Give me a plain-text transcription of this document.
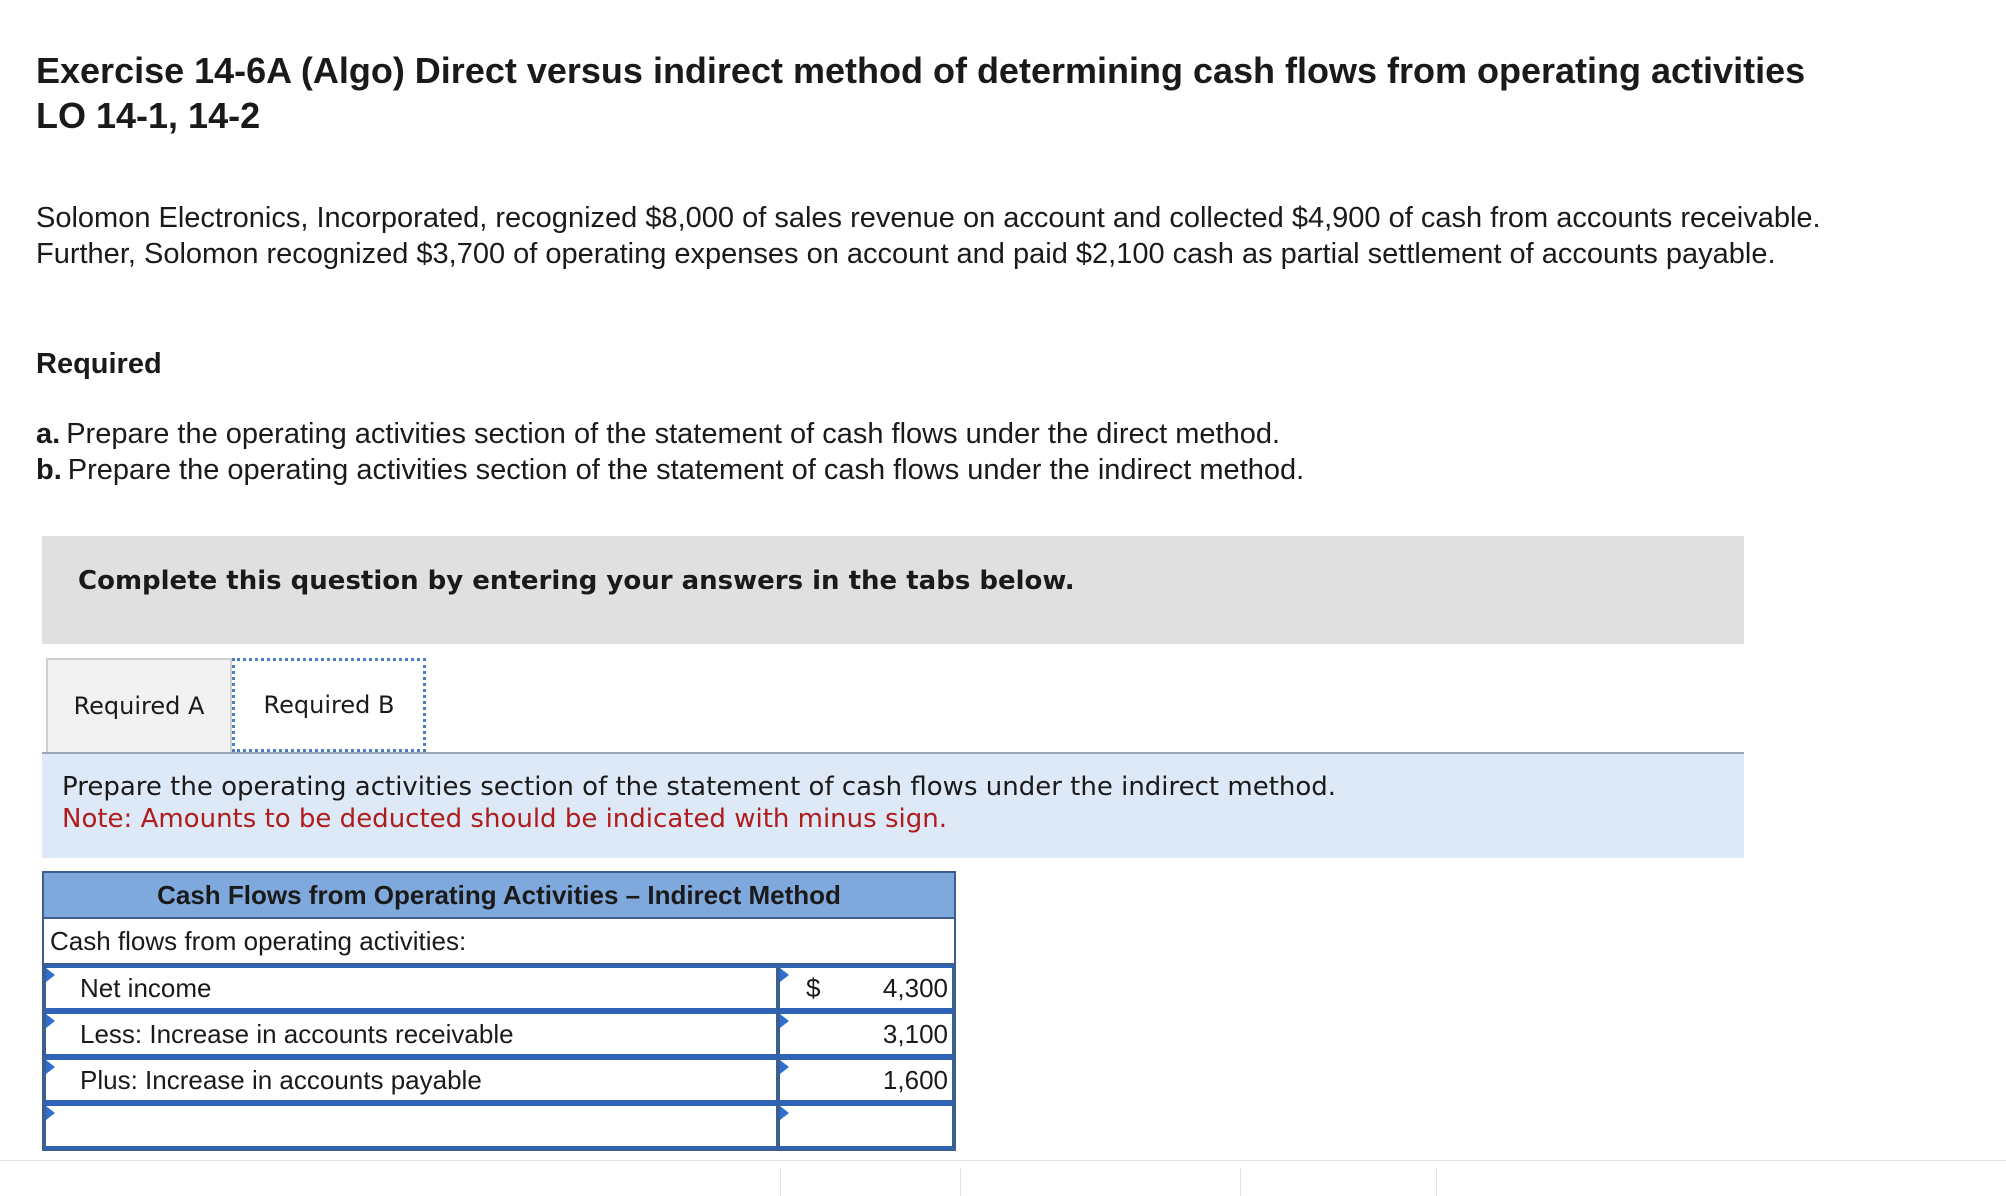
Exercise 14-6A (Algo) Direct versus indirect method of determining cash flows from operating activities
LO 14-1, 14-2

Solomon Electronics, Incorporated, recognized $8,000 of sales revenue on account and collected $4,900 of cash from accounts receivable. Further, Solomon recognized $3,700 of operating expenses on account and paid $2,100 cash as partial settlement of accounts payable.

Required

a. Prepare the operating activities section of the statement of cash flows under the direct method.
b. Prepare the operating activities section of the statement of cash flows under the indirect method.
Complete this question by entering your answers in the tabs below.
Required A	Required B
Prepare the operating activities section of the statement of cash flows under the indirect method.
Note: Amounts to be deducted should be indicated with minus sign.
Cash Flows from Operating Activities – Indirect Method
Cash flows from operating activities:
Net income	$ 4,300
Less: Increase in accounts receivable	3,100
Plus: Increase in accounts payable	1,600
